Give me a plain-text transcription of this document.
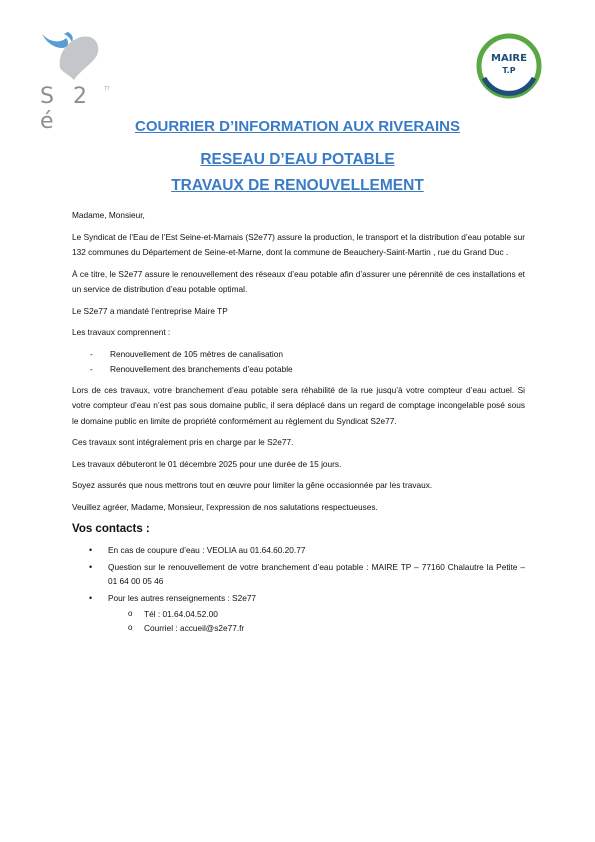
S 2 é
77
MAIRE
T.P
COURRIER D’INFORMATION AUX RIVERAINS
RESEAU D’EAU POTABLE
TRAVAUX DE RENOUVELLEMENT

Madame, Monsieur,

Le Syndicat de l’Eau de l’Est Seine-et-Marnais (S2e77) assure la production, le transport et la distribution d’eau potable sur 132 communes du Département de Seine-et-Marne, dont la commune de Beauchery-Saint-Martin , rue du Grand Duc .

À ce titre, le S2e77 assure le renouvellement des réseaux d’eau potable afin d’assurer une pérennité de ces installations et un service de distribution d’eau potable optimal.

Le S2e77 a mandaté l’entreprise Maire TP

Les travaux comprennent :

- Renouvellement de 105 mètres de canalisation
- Renouvellement des branchements d’eau potable

Lors de ces travaux, votre branchement d’eau potable sera réhabilité de la rue jusqu’à votre compteur d’eau actuel. Si votre compteur d’eau n’est pas sous domaine public, il sera déplacé dans un regard de comptage incongelable posé sous le domaine public en limite de propriété conformément au règlement du Syndicat S2e77.

Ces travaux sont intégralement pris en charge par le S2e77.

Les travaux débuteront le 01 décembre 2025 pour une durée de 15 jours.

Soyez assurés que nous mettrons tout en œuvre pour limiter la gêne occasionnée par les travaux.

Veuillez agréer, Madame, Monsieur, l’expression de nos salutations respectueuses.

Vos contacts :
• En cas de coupure d’eau : VEOLIA au 01.64.60.20.77
• Question sur le renouvellement de votre branchement d’eau potable : MAIRE TP – 77160 Chalautre la Petite – 01 64 00 05 46
• Pour les autres renseignements : S2e77
o Tél : 01.64.04.52.00
o Courriel : accueil@s2e77.fr
